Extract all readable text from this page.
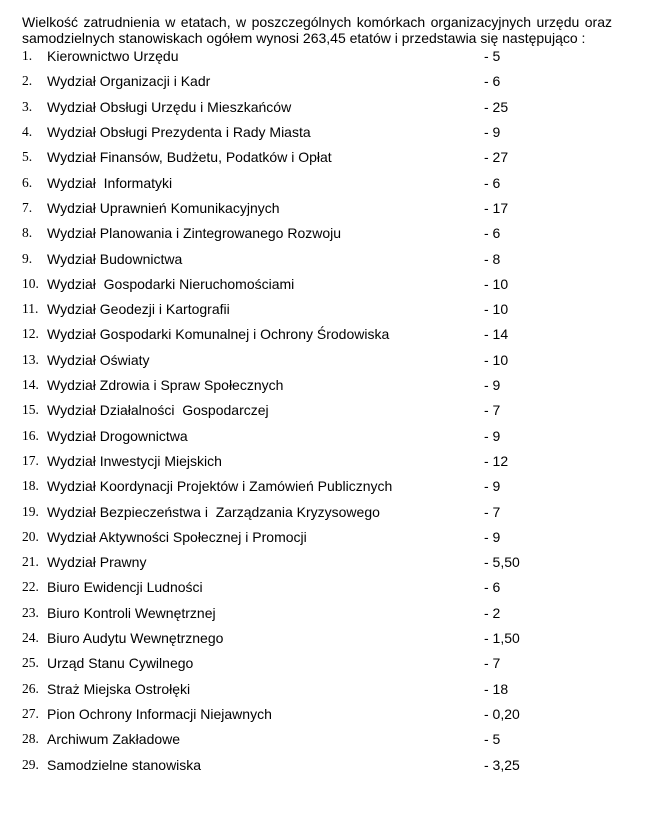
Wielkość zatrudnienia w etatach, w poszczególnych komórkach organizacyjnych urzędu oraz samodzielnych stanowiskach ogółem wynosi 263,45 etatów i przedstawia się następująco :

1. Kierownictwo Urzędu	- 5
2. Wydział Organizacji i Kadr	- 6
3. Wydział Obsługi Urzędu i Mieszkańców	- 25
4. Wydział Obsługi Prezydenta i Rady Miasta	- 9
5. Wydział Finansów, Budżetu, Podatków i Opłat	- 27
6. Wydział  Informatyki	- 6
7. Wydział Uprawnień Komunikacyjnych	- 17
8. Wydział Planowania i Zintegrowanego Rozwoju	- 6
9. Wydział Budownictwa	- 8
10. Wydział  Gospodarki Nieruchomościami	- 10
11. Wydział Geodezji i Kartografii	- 10
12. Wydział Gospodarki Komunalnej i Ochrony Środowiska	- 14
13. Wydział Oświaty	- 10
14. Wydział Zdrowia i Spraw Społecznych	- 9
15. Wydział Działalności  Gospodarczej	- 7
16. Wydział Drogownictwa	- 9
17. Wydział Inwestycji Miejskich	- 12
18. Wydział Koordynacji Projektów i Zamówień Publicznych	- 9
19. Wydział Bezpieczeństwa i  Zarządzania Kryzysowego	- 7
20. Wydział Aktywności Społecznej i Promocji	- 9
21. Wydział Prawny	- 5,50
22. Biuro Ewidencji Ludności	- 6
23. Biuro Kontroli Wewnętrznej	- 2
24. Biuro Audytu Wewnętrznego	- 1,50
25. Urząd Stanu Cywilnego	- 7
26. Straż Miejska Ostrołęki	- 18
27. Pion Ochrony Informacji Niejawnych	- 0,20
28. Archiwum Zakładowe	- 5
29. Samodzielne stanowiska	- 3,25
